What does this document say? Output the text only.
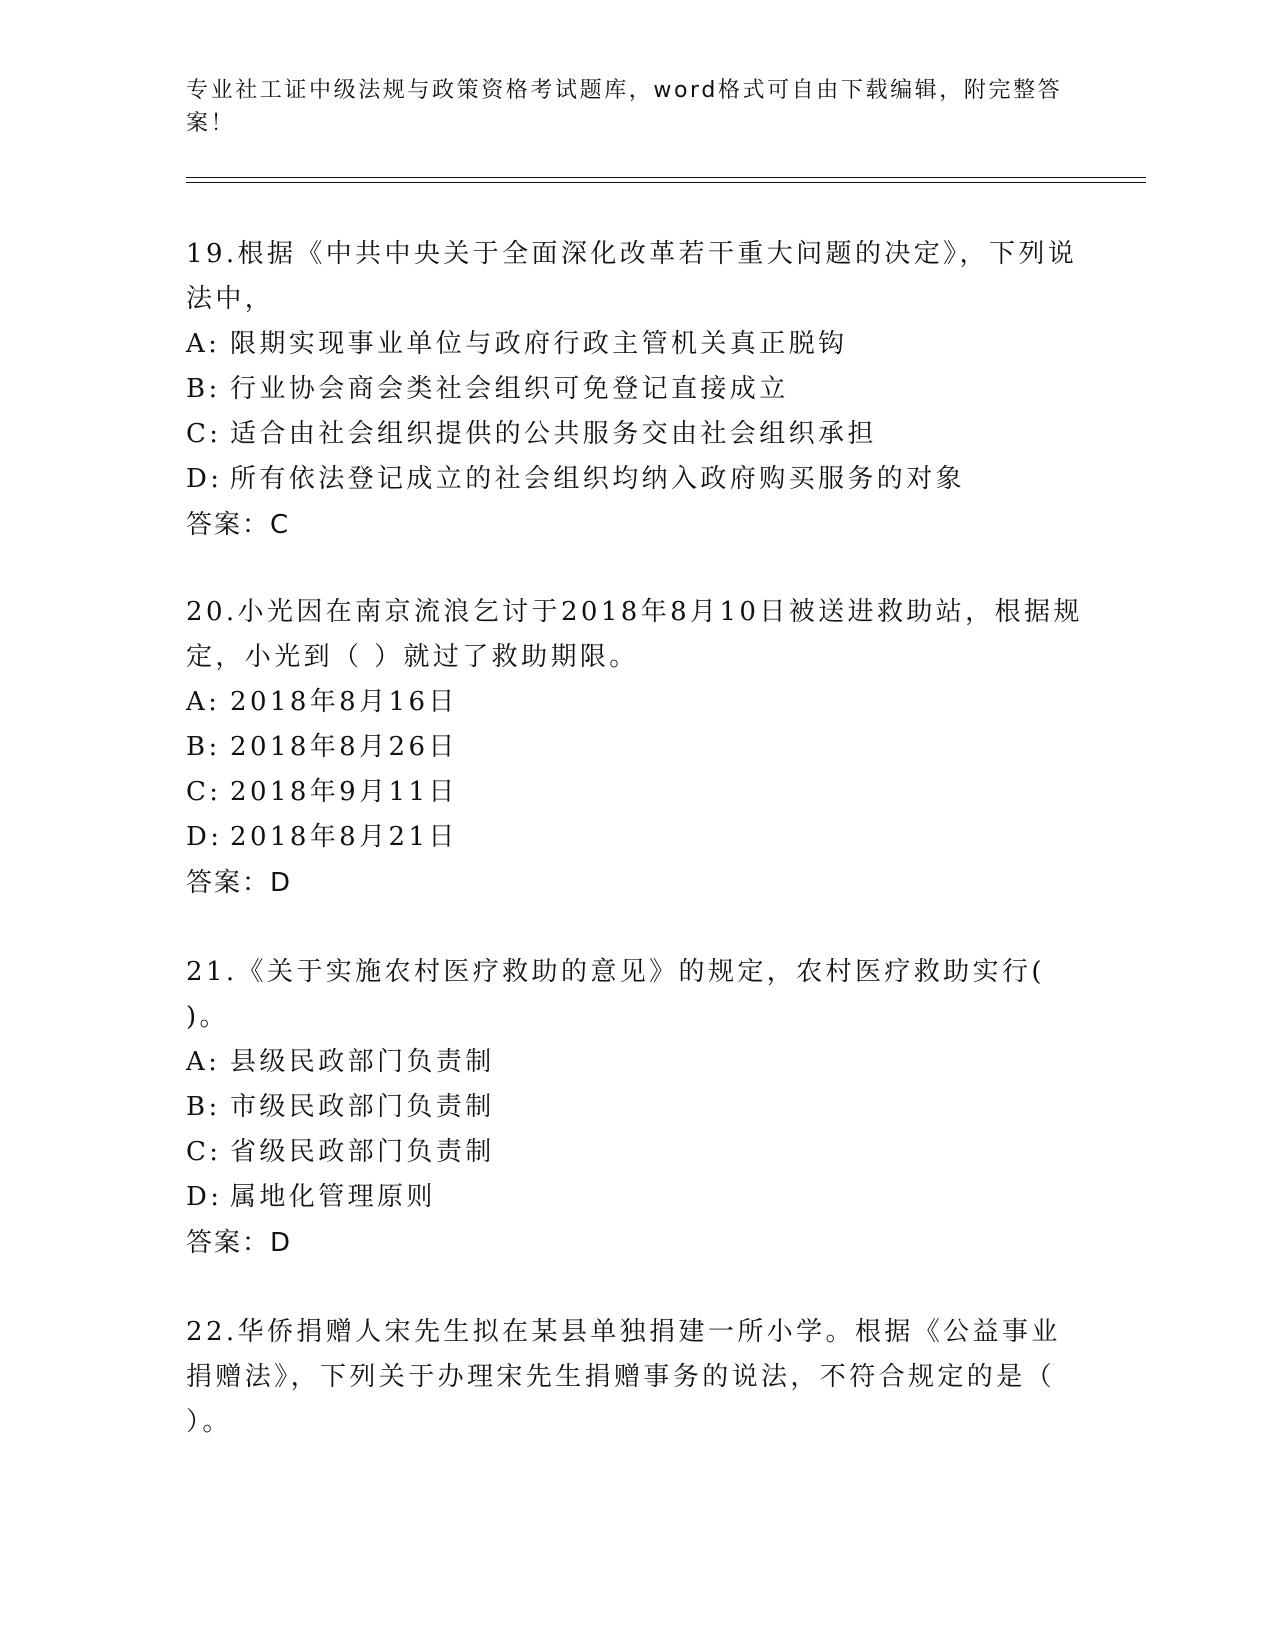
专业社工证中级法规与政策资格考试题库，word格式可自由下载编辑，附完整答案！

19.根据《中共中央关于全面深化改革若干重大问题的决定》，下列说法中，

A: 限期实现事业单位与政府行政主管机关真正脱钩

B: 行业协会商会类社会组织可免登记直接成立

C: 适合由社会组织提供的公共服务交由社会组织承担

D: 所有依法登记成立的社会组织均纳入政府购买服务的对象

答案：C

20.小光因在南京流浪乞讨于2018年8月10日被送进救助站，根据规定，小光到（ ）就过了救助期限。

A: 2018年8月16日

B: 2018年8月26日

C: 2018年9月11日

D: 2018年8月21日

答案：D

21.《关于实施农村医疗救助的意见》的规定，农村医疗救助实行( )。

A: 县级民政部门负责制

B: 市级民政部门负责制

C: 省级民政部门负责制

D: 属地化管理原则

答案：D

22.华侨捐赠人宋先生拟在某县单独捐建一所小学。根据《公益事业捐赠法》，下列关于办理宋先生捐赠事务的说法，不符合规定的是（ ）。
